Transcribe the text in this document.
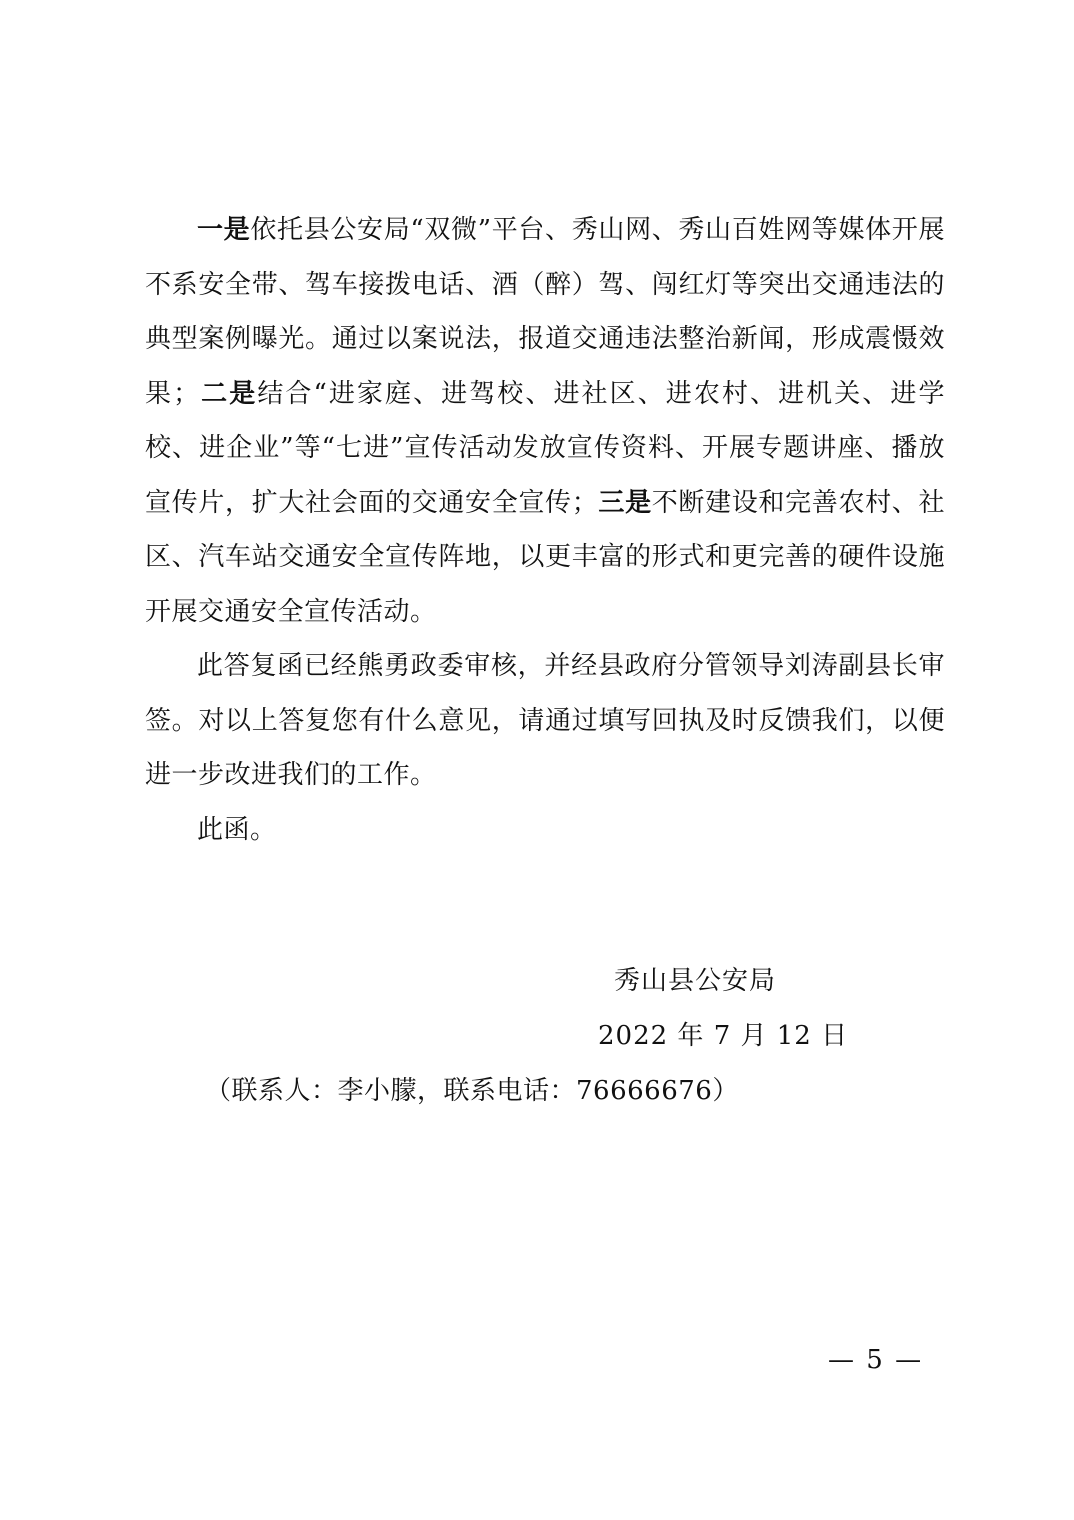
一是依托县公安局“双微”平台、秀山网、秀山百姓网等媒体开展不系安全带、驾车接拨电话、酒（醉）驾、闯红灯等突出交通违法的典型案例曝光。通过以案说法，报道交通违法整治新闻，形成震慑效果；二是结合“进家庭、进驾校、进社区、进农村、进机关、进学校、进企业”等“七进”宣传活动发放宣传资料、开展专题讲座、播放宣传片，扩大社会面的交通安全宣传；三是不断建设和完善农村、社区、汽车站交通安全宣传阵地，以更丰富的形式和更完善的硬件设施开展交通安全宣传活动。

此答复函已经熊勇政委审核，并经县政府分管领导刘涛副县长审签。对以上答复您有什么意见，请通过填写回执及时反馈我们，以便进一步改进我们的工作。

此函。

秀山县公安局
2022 年 7 月 12 日
（联系人：李小朦，联系电话：76666676）
— 5 —
